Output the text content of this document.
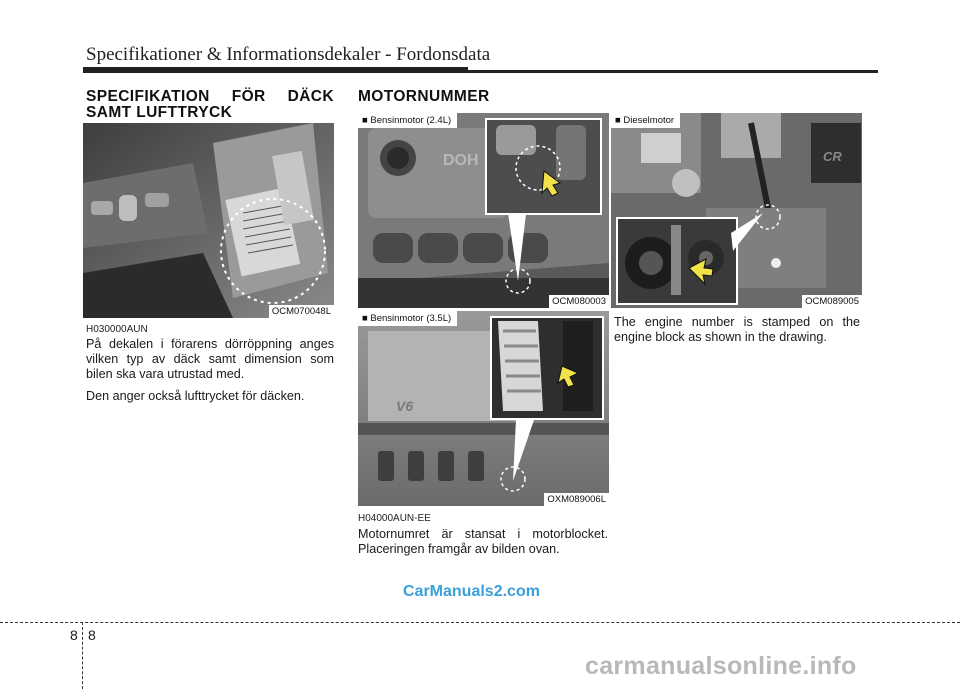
Specifikationer & Informationsdekaler - Fordonsdata
SPECIFIKATION FÖR DÄCK
SAMT LUFTTRYCK
OCM070048L
H030000AUN

På dekalen i förarens dörröppning anges vilken typ av däck samt dimension som bilen ska vara utrustad med.

Den anger också lufttrycket för däcken.

MOTORNUMMER
DOH
■ Bensinmotor (2.4L)
OCM080003
V6
■ Bensinmotor (3.5L)
OXM089006L
CR
■ Dieselmotor
OCM089005

The engine number is stamped on the engine block as shown in the drawing.

H04000AUN-EE

Motornumret är stansat i motorblocket. Placeringen framgår av bilden ovan.

CarManuals2.com
8 8
carmanualsonline.info
